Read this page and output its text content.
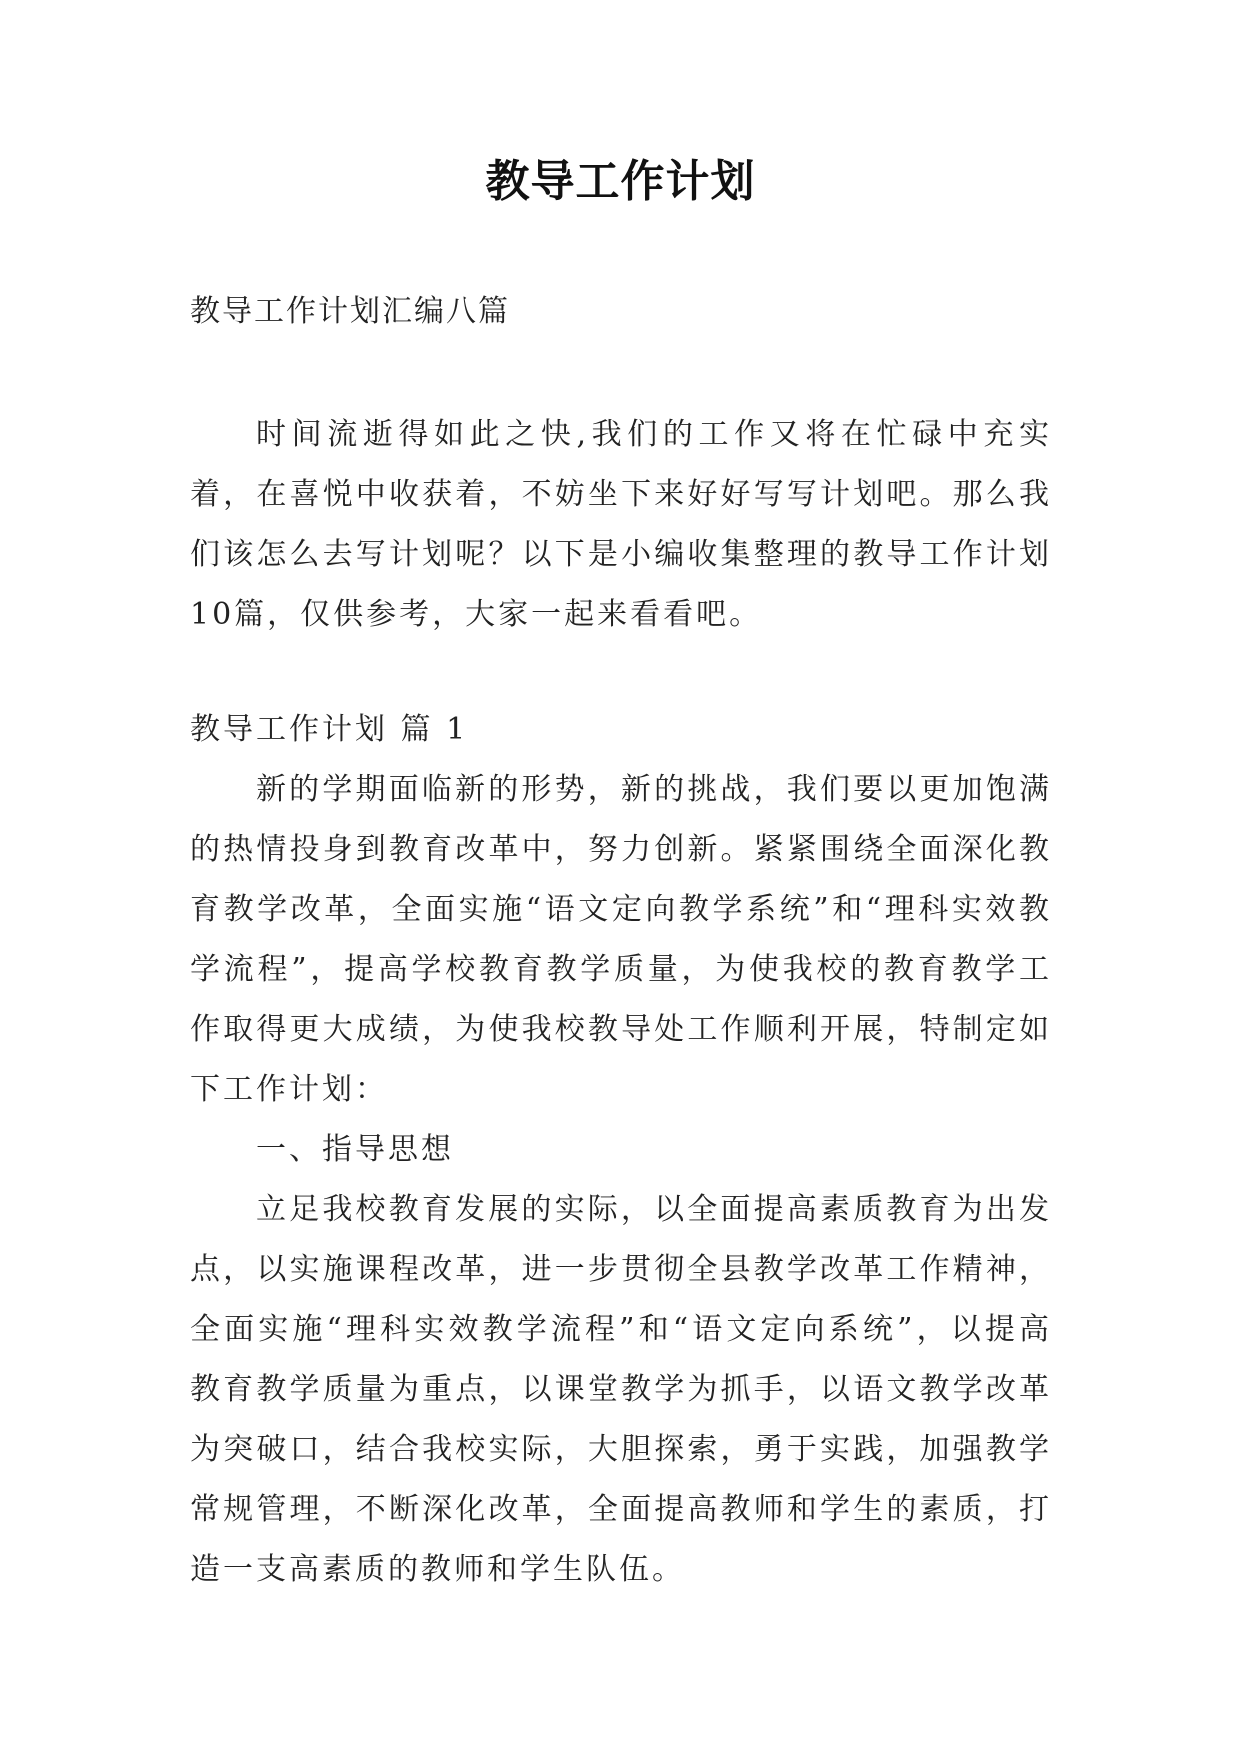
教导工作计划
教导工作计划汇编八篇

时间流逝得如此之快,我们的工作又将在忙碌中充实着，在喜悦中收获着，不妨坐下来好好写写计划吧。那么我们该怎么去写计划呢？以下是小编收集整理的教导工作计划10篇，仅供参考，大家一起来看看吧。

教导工作计划 篇 1

新的学期面临新的形势，新的挑战，我们要以更加饱满的热情投身到教育改革中，努力创新。紧紧围绕全面深化教育教学改革，全面实施“语文定向教学系统”和“理科实效教学流程”，提高学校教育教学质量，为使我校的教育教学工作取得更大成绩，为使我校教导处工作顺利开展，特制定如下工作计划：

一、指导思想

立足我校教育发展的实际，以全面提高素质教育为出发点，以实施课程改革，进一步贯彻全县教学改革工作精神，全面实施“理科实效教学流程”和“语文定向系统”，以提高教育教学质量为重点，以课堂教学为抓手，以语文教学改革为突破口，结合我校实际，大胆探索，勇于实践，加强教学常规管理，不断深化改革，全面提高教师和学生的素质，打造一支高素质的教师和学生队伍。
